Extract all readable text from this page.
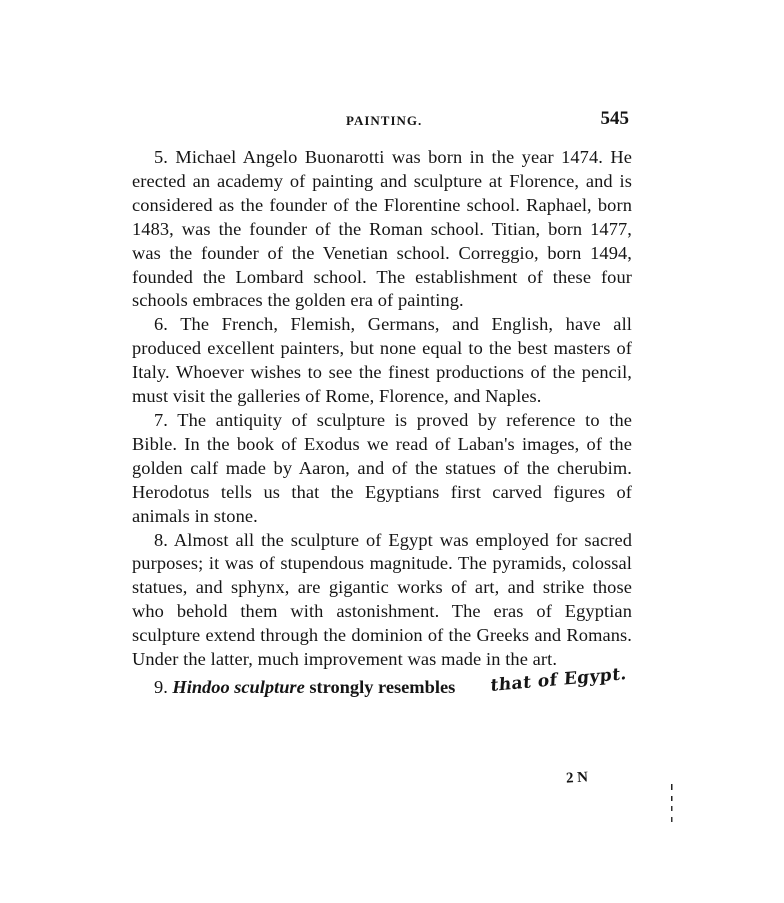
PAINTING.	545

5. Michael Angelo Buonarotti was born in the year 1474. He erected an academy of painting and sculpture at Florence, and is considered as the founder of the Florentine school. Raphael, born 1483, was the founder of the Roman school. Titian, born 1477, was the founder of the Venetian school. Correggio, born 1494, founded the Lombard school. The establishment of these four schools embraces the golden era of painting.

6. The French, Flemish, Germans, and English, have all produced excellent painters, but none equal to the best masters of Italy. Whoever wishes to see the finest productions of the pencil, must visit the galleries of Rome, Florence, and Naples.

7. The antiquity of sculpture is proved by reference to the Bible. In the book of Exodus we read of Laban's images, of the golden calf made by Aaron, and of the statues of the cherubim. Herodotus tells us that the Egyptians first carved figures of animals in stone.

8. Almost all the sculpture of Egypt was employed for sacred purposes; it was of stupendous magnitude. The pyramids, colossal statues, and sphynx, are gigantic works of art, and strike those who behold them with astonishment. The eras of Egyptian sculpture extend through the dominion of the Greeks and Romans. Under the latter, much improvement was made in the art.

9. Hindoo sculpture strongly resembles that of Egypt.
2 N
